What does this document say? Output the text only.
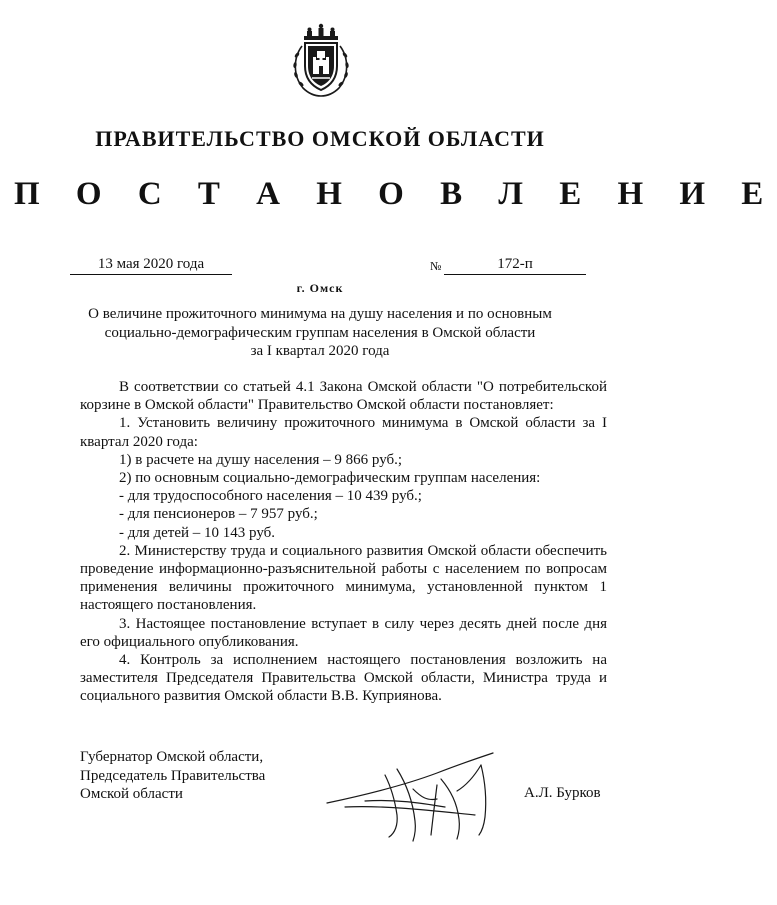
ПРАВИТЕЛЬСТВО ОМСКОЙ ОБЛАСТИ
П О С Т А Н О В Л Е Н И Е
13 мая 2020 года	№	172-п
г. Омск
О величине прожиточного минимума на душу населения и по основным
социально-демографическим группам населения в Омской области
за I квартал 2020 года

В соответствии со статьей 4.1 Закона Омской области "О потребительской корзине в Омской области" Правительство Омской области постановляет:

1. Установить величину прожиточного минимума в Омской области за I квартал 2020 года:

1) в расчете на душу населения – 9 866 руб.;

2) по основным социально-демографическим группам населения:

- для трудоспособного населения – 10 439 руб.;

- для пенсионеров – 7 957 руб.;

- для детей – 10 143 руб.

2. Министерству труда и социального развития Омской области обеспечить проведение информационно-разъяснительной работы с населением по вопросам применения величины прожиточного минимума, установленной пунктом 1 настоящего постановления.

3. Настоящее постановление вступает в силу через десять дней после дня его официального опубликования.

4. Контроль за исполнением настоящего постановления возложить на заместителя Председателя Правительства Омской области, Министра труда и социального развития Омской области В.В. Куприянова.

Губернатор Омской области,
Председатель Правительства
Омской области	А.Л. Бурков
